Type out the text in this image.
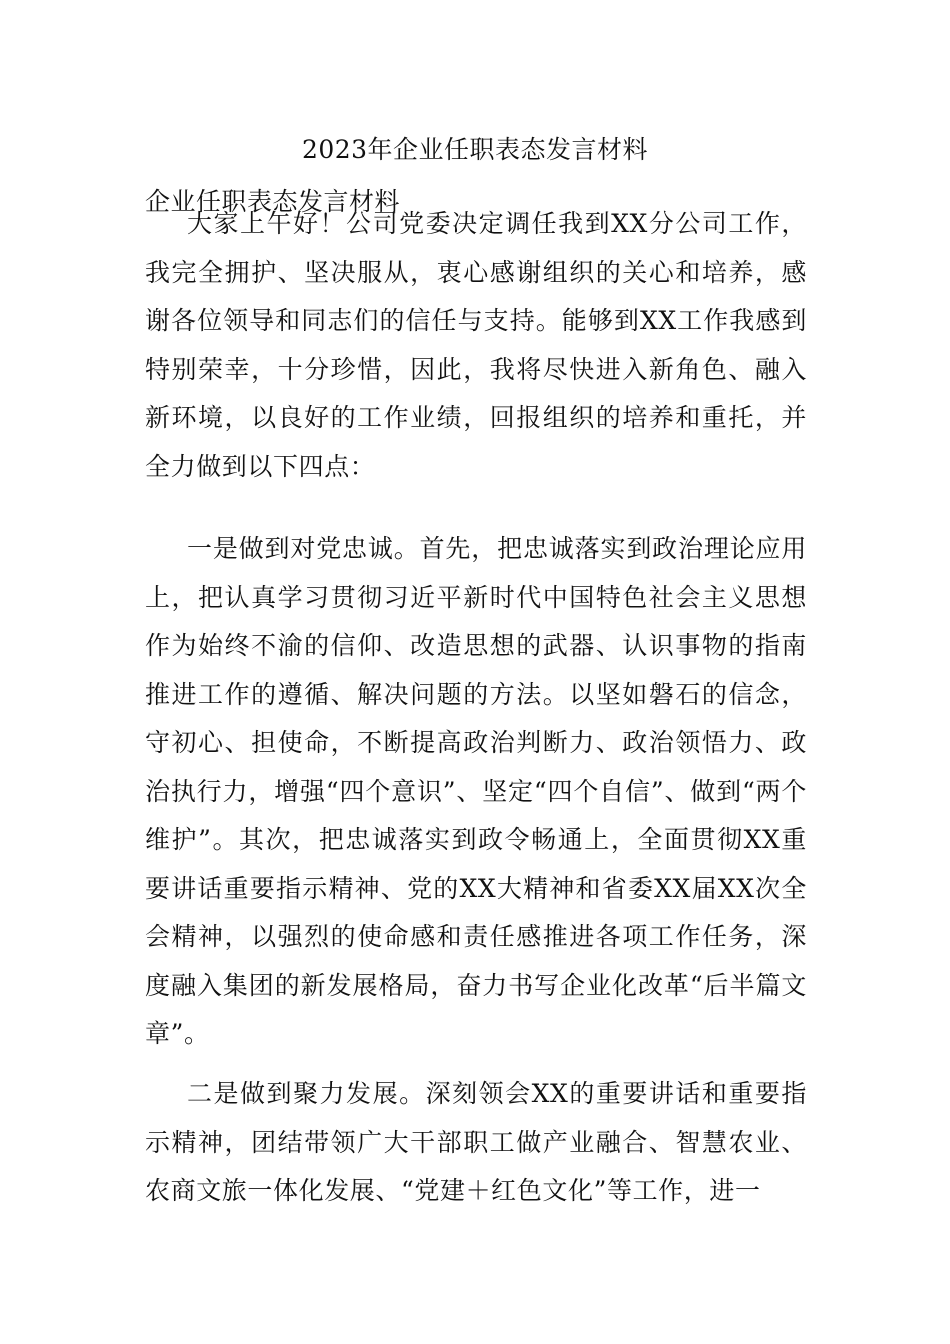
2023年企业任职表态发言材料
企业任职表态发言材料

大家上午好！公司党委决定调任我到XX分公司工作，我完全拥护、坚决服从，衷心感谢组织的关心和培养，感谢各位领导和同志们的信任与支持。能够到XX工作我感到特别荣幸，十分珍惜，因此，我将尽快进入新角色、融入新环境，以良好的工作业绩，回报组织的培养和重托，并全力做到以下四点：

一是做到对党忠诚。首先，把忠诚落实到政治理论应用上，把认真学习贯彻习近平新时代中国特色社会主义思想作为始终不渝的信仰、改造思想的武器、认识事物的指南推进工作的遵循、解决问题的方法。以坚如磐石的信念，守初心、担使命，不断提高政治判断力、政治领悟力、政治执行力，增强“四个意识”、坚定“四个自信”、做到“两个维护”。其次，把忠诚落实到政令畅通上，全面贯彻XX重要讲话重要指示精神、党的XX大精神和省委XX届XX次全会精神，以强烈的使命感和责任感推进各项工作任务，深度融入集团的新发展格局，奋力书写企业化改革“后半篇文章”。

二是做到聚力发展。深刻领会XX的重要讲话和重要指示精神，团结带领广大干部职工做产业融合、智慧农业、农商文旅一体化发展、“党建＋红色文化”等工作，进一
